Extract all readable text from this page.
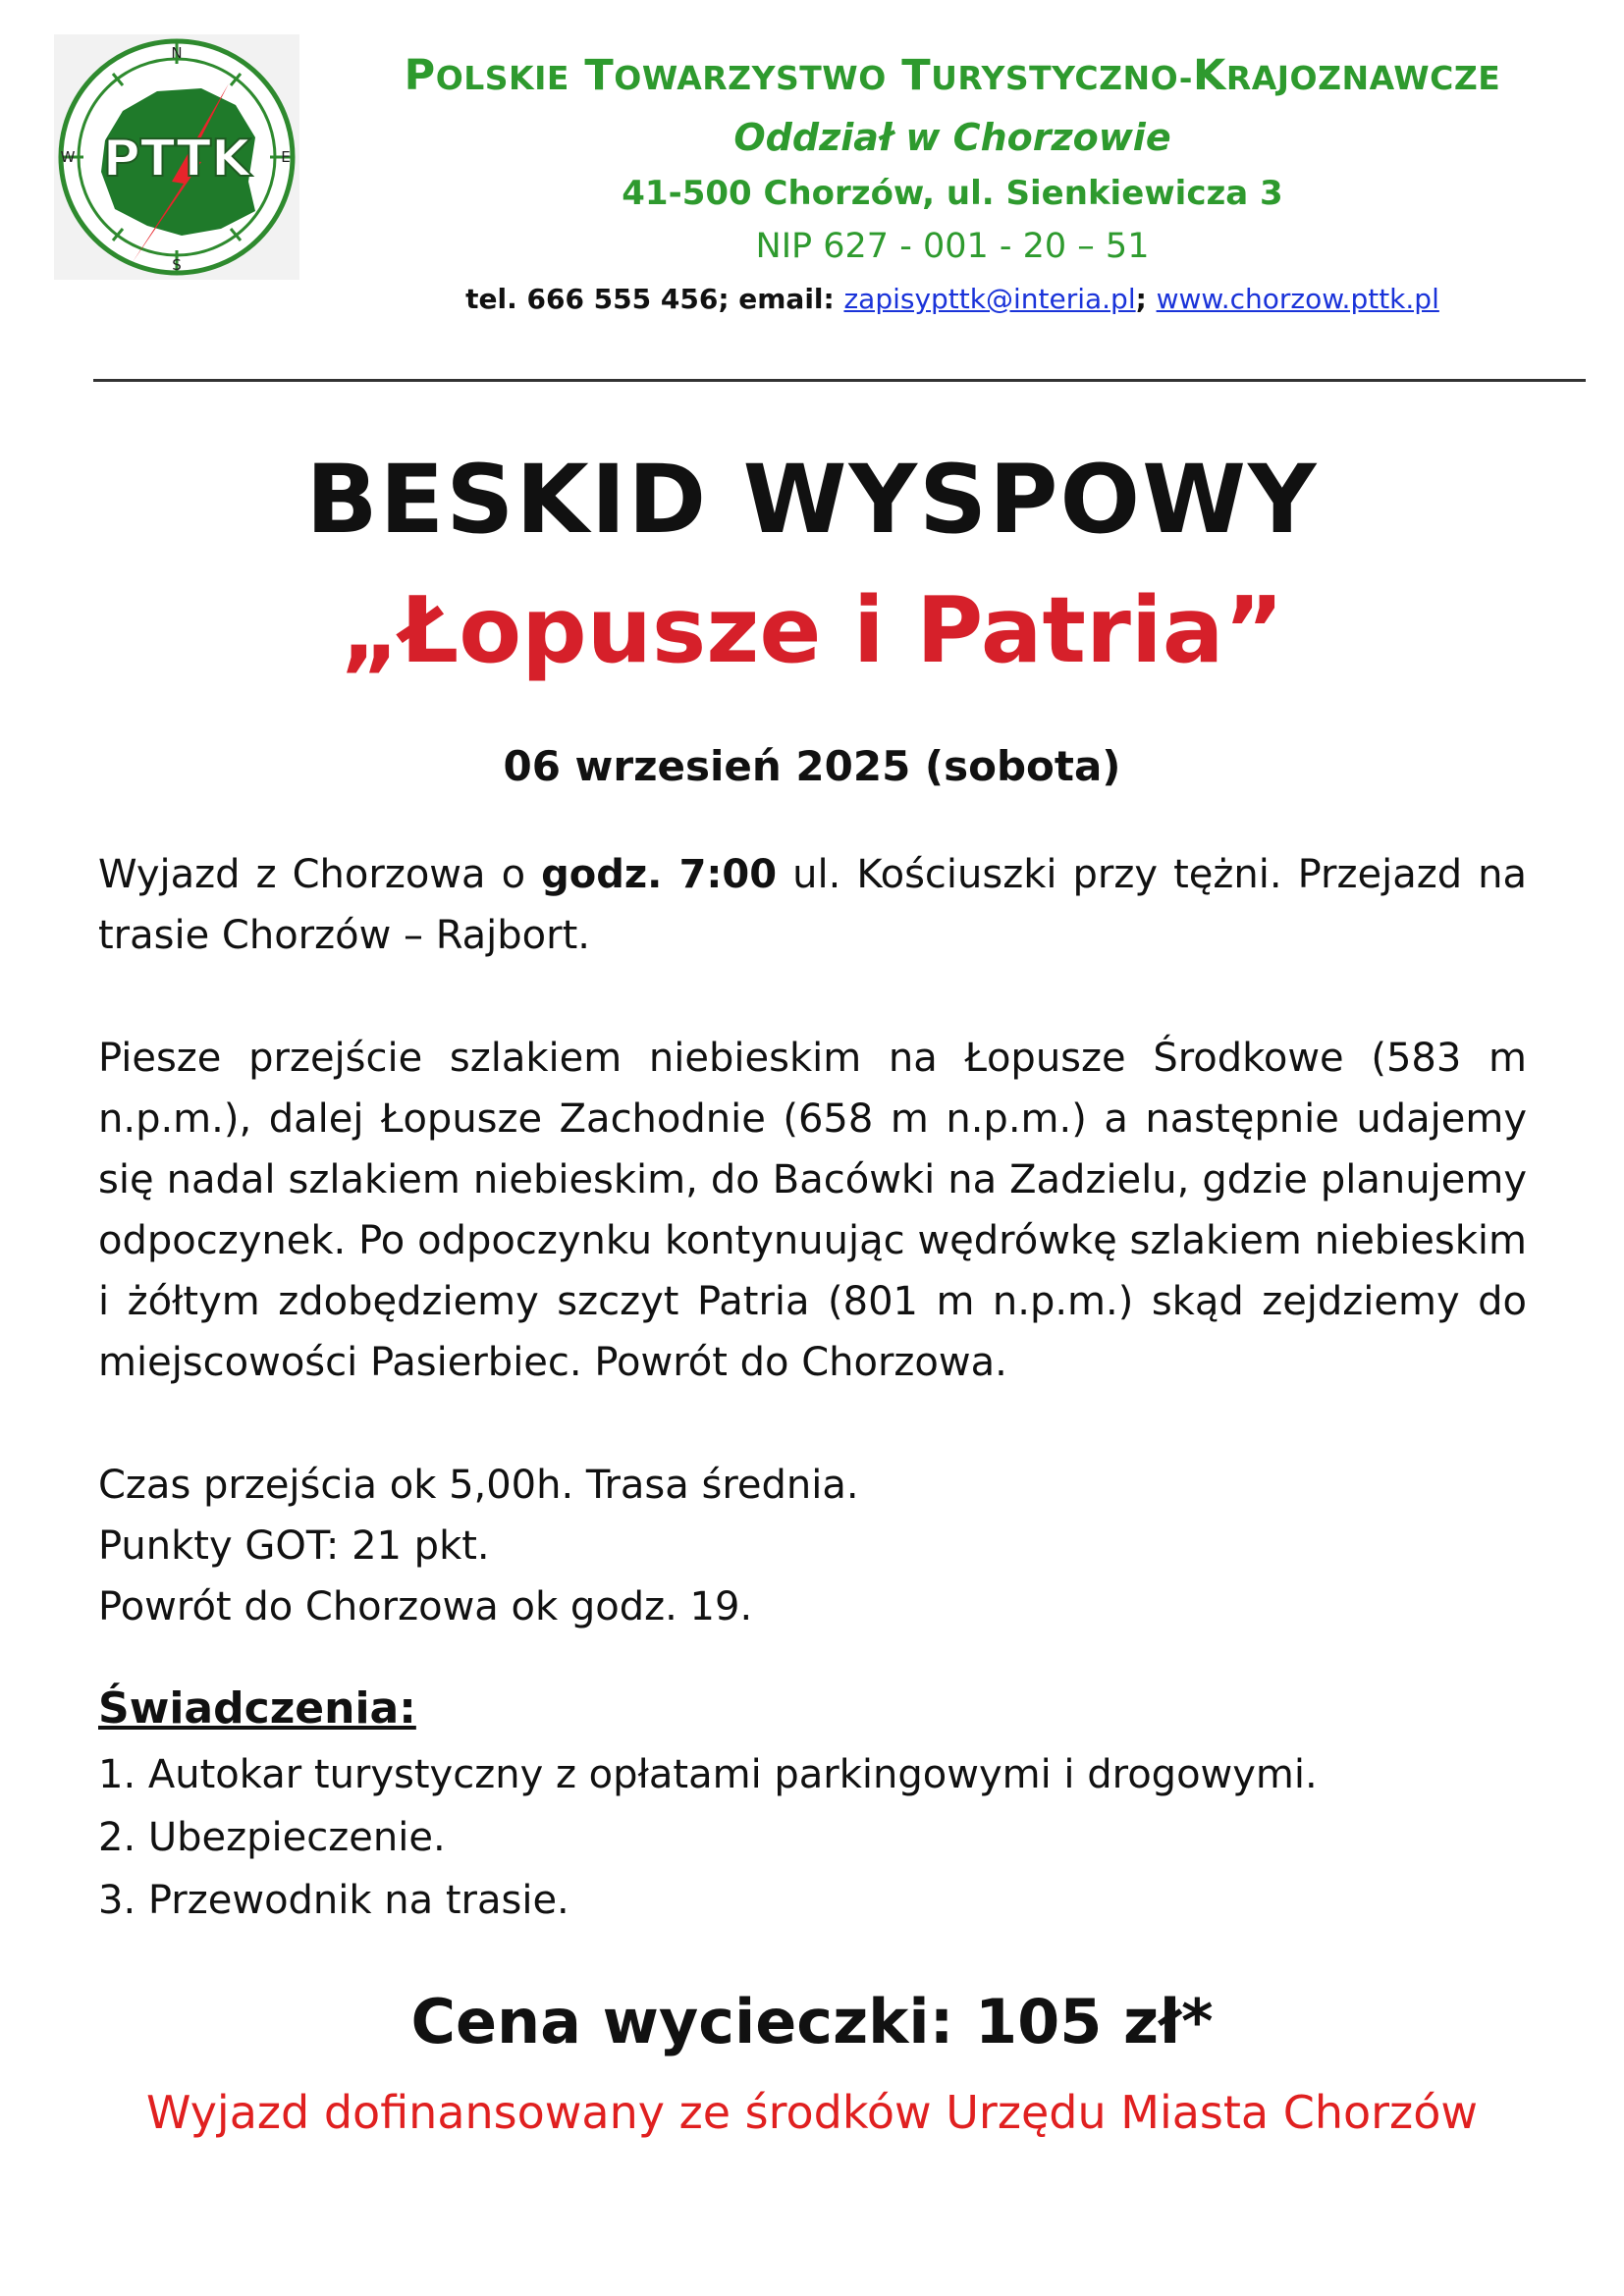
N
E
S
W PTTK

POLSKIE TOWARZYSTWO TURYSTYCZNO-KRAJOZNAWCZE

Oddział w Chorzowie

41-500 Chorzów, ul. Sienkiewicza 3

NIP 627 - 001 - 20 – 51

tel. 666 555 456; email: zapisypttk@interia.pl; www.chorzow.pttk.pl

BESKID WYSPOWY
„Łopusze i Patria”

06 wrzesień 2025 (sobota)

Wyjazd z Chorzowa o godz. 7:00 ul. Kościuszki przy tężni. Przejazd na trasie Chorzów – Rajbort.

Piesze przejście szlakiem niebieskim na Łopusze Środkowe (583 m n.p.m.), dalej Łopusze Zachodnie (658 m n.p.m.) a następnie udajemy się nadal szlakiem niebieskim, do Bacówki na Zadzielu, gdzie planujemy odpoczynek. Po odpoczynku kontynuując wędrówkę szlakiem niebieskim i żółtym zdobędziemy szczyt Patria (801 m n.p.m.) skąd zejdziemy do miejscowości Pasierbiec. Powrót do Chorzowa.

Czas przejścia ok 5,00h. Trasa średnia.
Punkty GOT: 21 pkt.
Powrót do Chorzowa ok godz. 19.

Świadczenia:

1. Autokar turystyczny z opłatami parkingowymi i drogowymi.
2. Ubezpieczenie.
3. Przewodnik na trasie.

Cena wycieczki: 105 zł*

Wyjazd dofinansowany ze środków Urzędu Miasta Chorzów
